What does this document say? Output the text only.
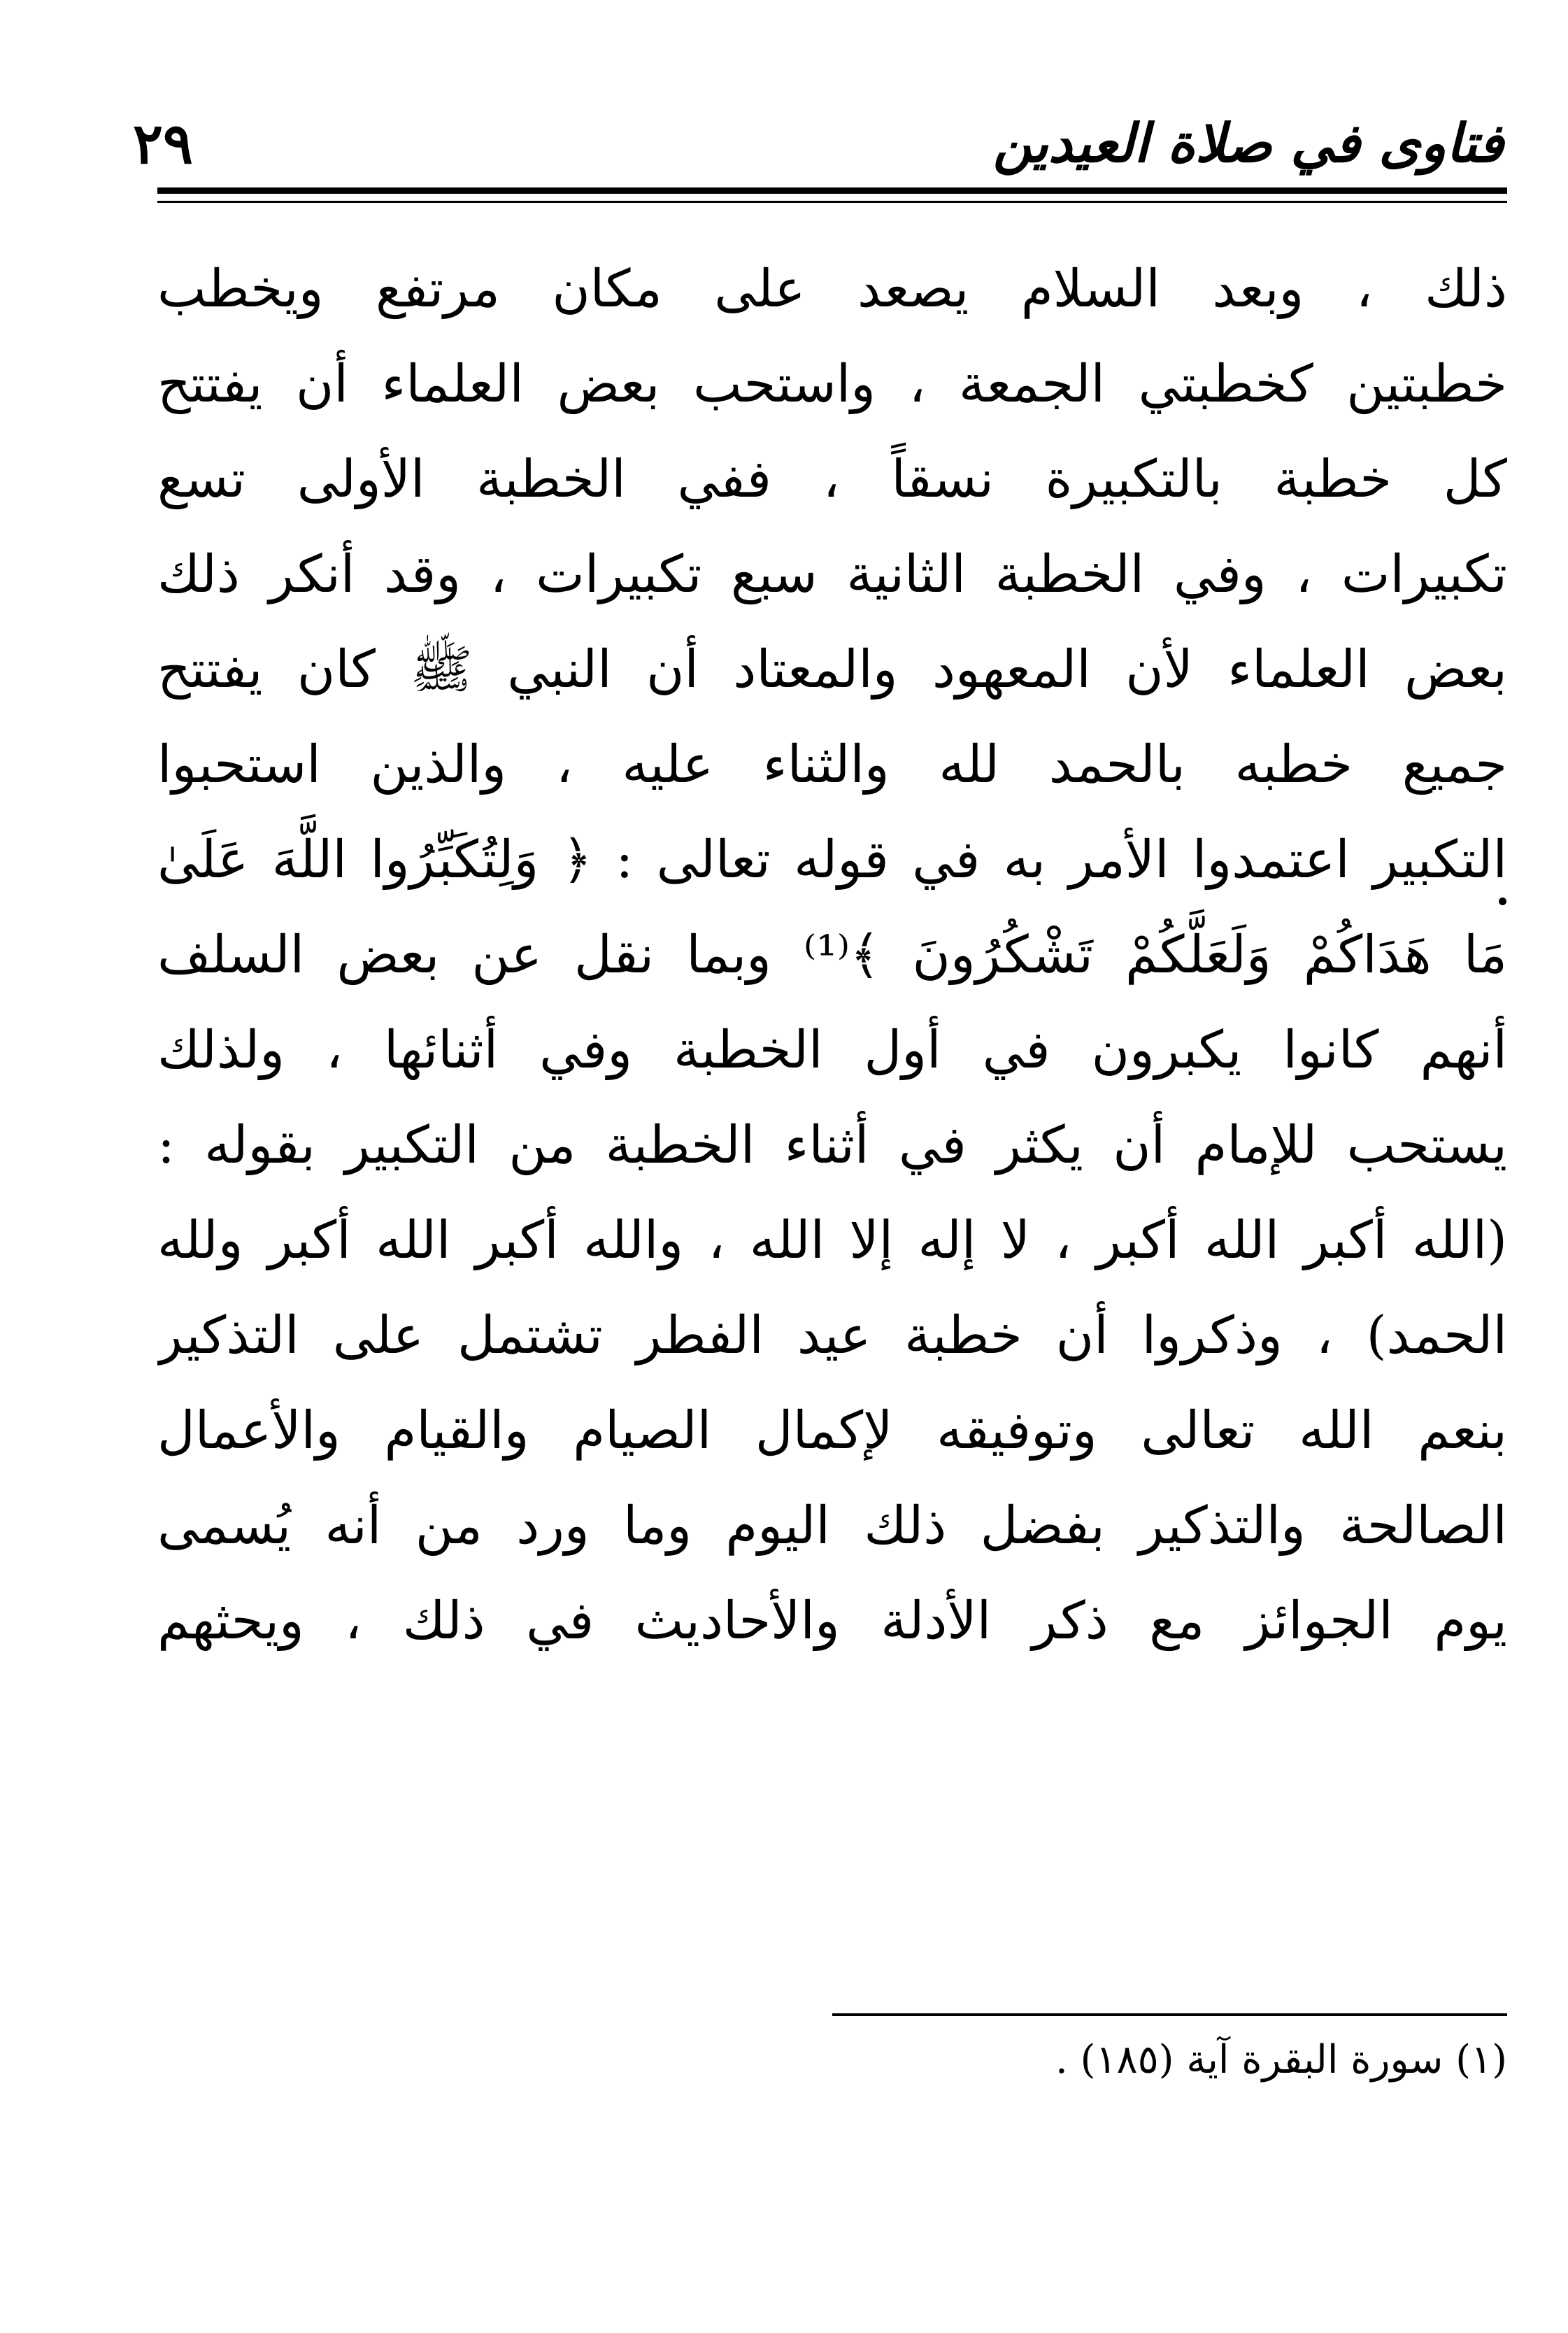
فتاوى في صلاة العيدين
٢٩
ذلك ، وبعد السلام يصعد على مكان مرتفع ويخطب
خطبتين كخطبتي الجمعة ، واستحب بعض العلماء أن يفتتح
كل خطبة بالتكبيرة نسقاً ، ففي الخطبة الأولى تسع
تكبيرات ، وفي الخطبة الثانية سبع تكبيرات ، وقد أنكر ذلك
بعض العلماء لأن المعهود والمعتاد أن النبي ﷺ كان يفتتح
جميع خطبه بالحمد لله والثناء عليه ، والذين استحبوا
التكبير اعتمدوا الأمر به في قوله تعالى : ﴿ وَلِتُكَبِّرُوا اللَّهَ عَلَىٰ
مَا هَدَاكُمْ وَلَعَلَّكُمْ تَشْكُرُونَ ﴾⁽¹⁾ وبما نقل عن بعض السلف
أنهم كانوا يكبرون في أول الخطبة وفي أثنائها ، ولذلك
يستحب للإمام أن يكثر في أثناء الخطبة من التكبير بقوله :
(الله أكبر الله أكبر ، لا إله إلا الله ، والله أكبر الله أكبر ولله
الحمد) ، وذكروا أن خطبة عيد الفطر تشتمل على التذكير
بنعم الله تعالى وتوفيقه لإكمال الصيام والقيام والأعمال
الصالحة والتذكير بفضل ذلك اليوم وما ورد من أنه يُسمى
يوم الجوائز مع ذكر الأدلة والأحاديث في ذلك ، ويحثهم
(١) سورة البقرة آية (١٨٥) .
